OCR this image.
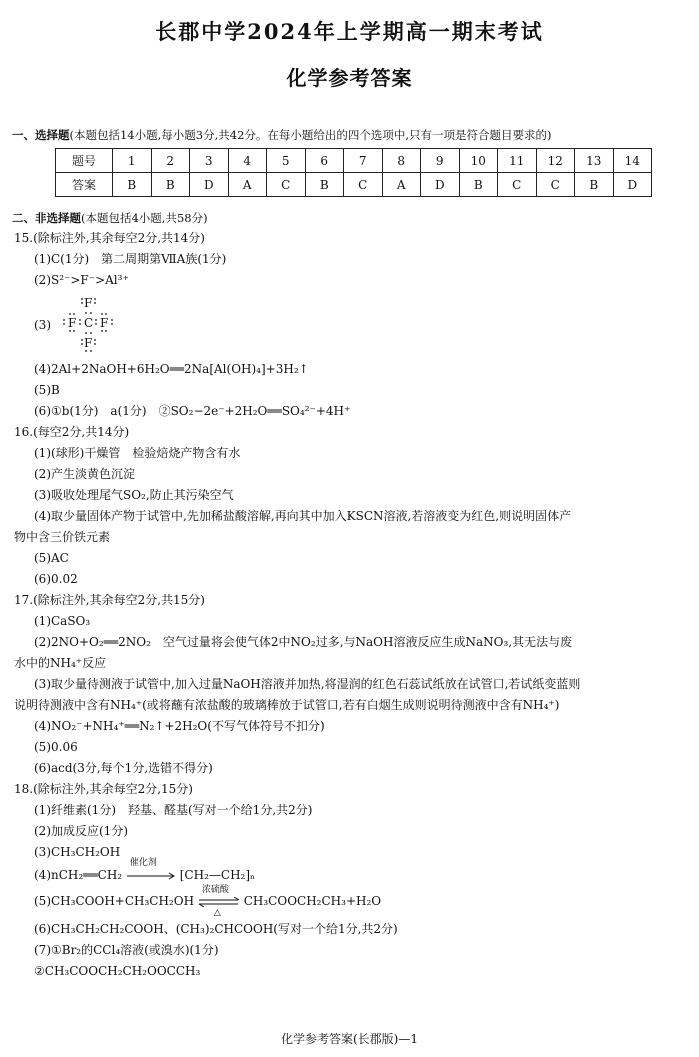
长郡中学2024年上学期高一期末考试
化学参考答案
一、选择题(本题包括14小题,每小题3分,共42分。在每小题给出的四个选项中,只有一项是符合题目要求的)
题号	1	2	3	4	5	6	7	8	9	10	11	12	13	14
答案	B	B	D	A	C	B	C	A	D	B	C	C	B	D
二、非选择题(本题包括4小题,共58分)
15.(除标注外,其余每空2分,共14分)
(1)C(1分)　第二周期第ⅦA族(1分)
(2)S²⁻>F⁻>Al³⁺
(3)
F
F C F
F
(4)2Al+2NaOH+6H₂O══2Na[Al(OH)₄]+3H₂↑
(5)B
(6)①b(1分)　a(1分)　②SO₂−2e⁻+2H₂O══SO₄²⁻+4H⁺
16.(每空2分,共14分)
(1)(球形)干燥管　检验焙烧产物含有水
(2)产生淡黄色沉淀
(3)吸收处理尾气SO₂,防止其污染空气
(4)取少量固体产物于试管中,先加稀盐酸溶解,再向其中加入KSCN溶液,若溶液变为红色,则说明固体产
物中含三价铁元素
(5)AC
(6)0.02
17.(除标注外,其余每空2分,共15分)
(1)CaSO₃
(2)2NO+O₂══2NO₂　空气过量将会使气体2中NO₂过多,与NaOH溶液反应生成NaNO₃,其无法与废
水中的NH₄⁺反应
(3)取少量待测液于试管中,加入过量NaOH溶液并加热,将湿润的红色石蕊试纸放在试管口,若试纸变蓝则
说明待测液中含有NH₄⁺(或将蘸有浓盐酸的玻璃棒放于试管口,若有白烟生成则说明待测液中含有NH₄⁺)
(4)NO₂⁻+NH₄⁺══N₂↑+2H₂O(不写气体符号不扣分)
(5)0.06
(6)acd(3分,每个1分,选错不得分)
18.(除标注外,其余每空2分,15分)
(1)纤维素(1分)　羟基、醛基(写对一个给1分,共2分)
(2)加成反应(1分)
(3)CH₃CH₂OH
(4)nCH₂══CH₂
催化剂
[CH₂—CH₂]ₙ
(5)CH₃COOH+CH₃CH₂OH
浓硫酸
△
CH₃COOCH₂CH₃+H₂O
(6)CH₃CH₂CH₂COOH、(CH₃)₂CHCOOH(写对一个给1分,共2分)
(7)①Br₂的CCl₄溶液(或溴水)(1分)
②CH₃COOCH₂CH₂OOCCH₃
化学参考答案(长郡版)—1
